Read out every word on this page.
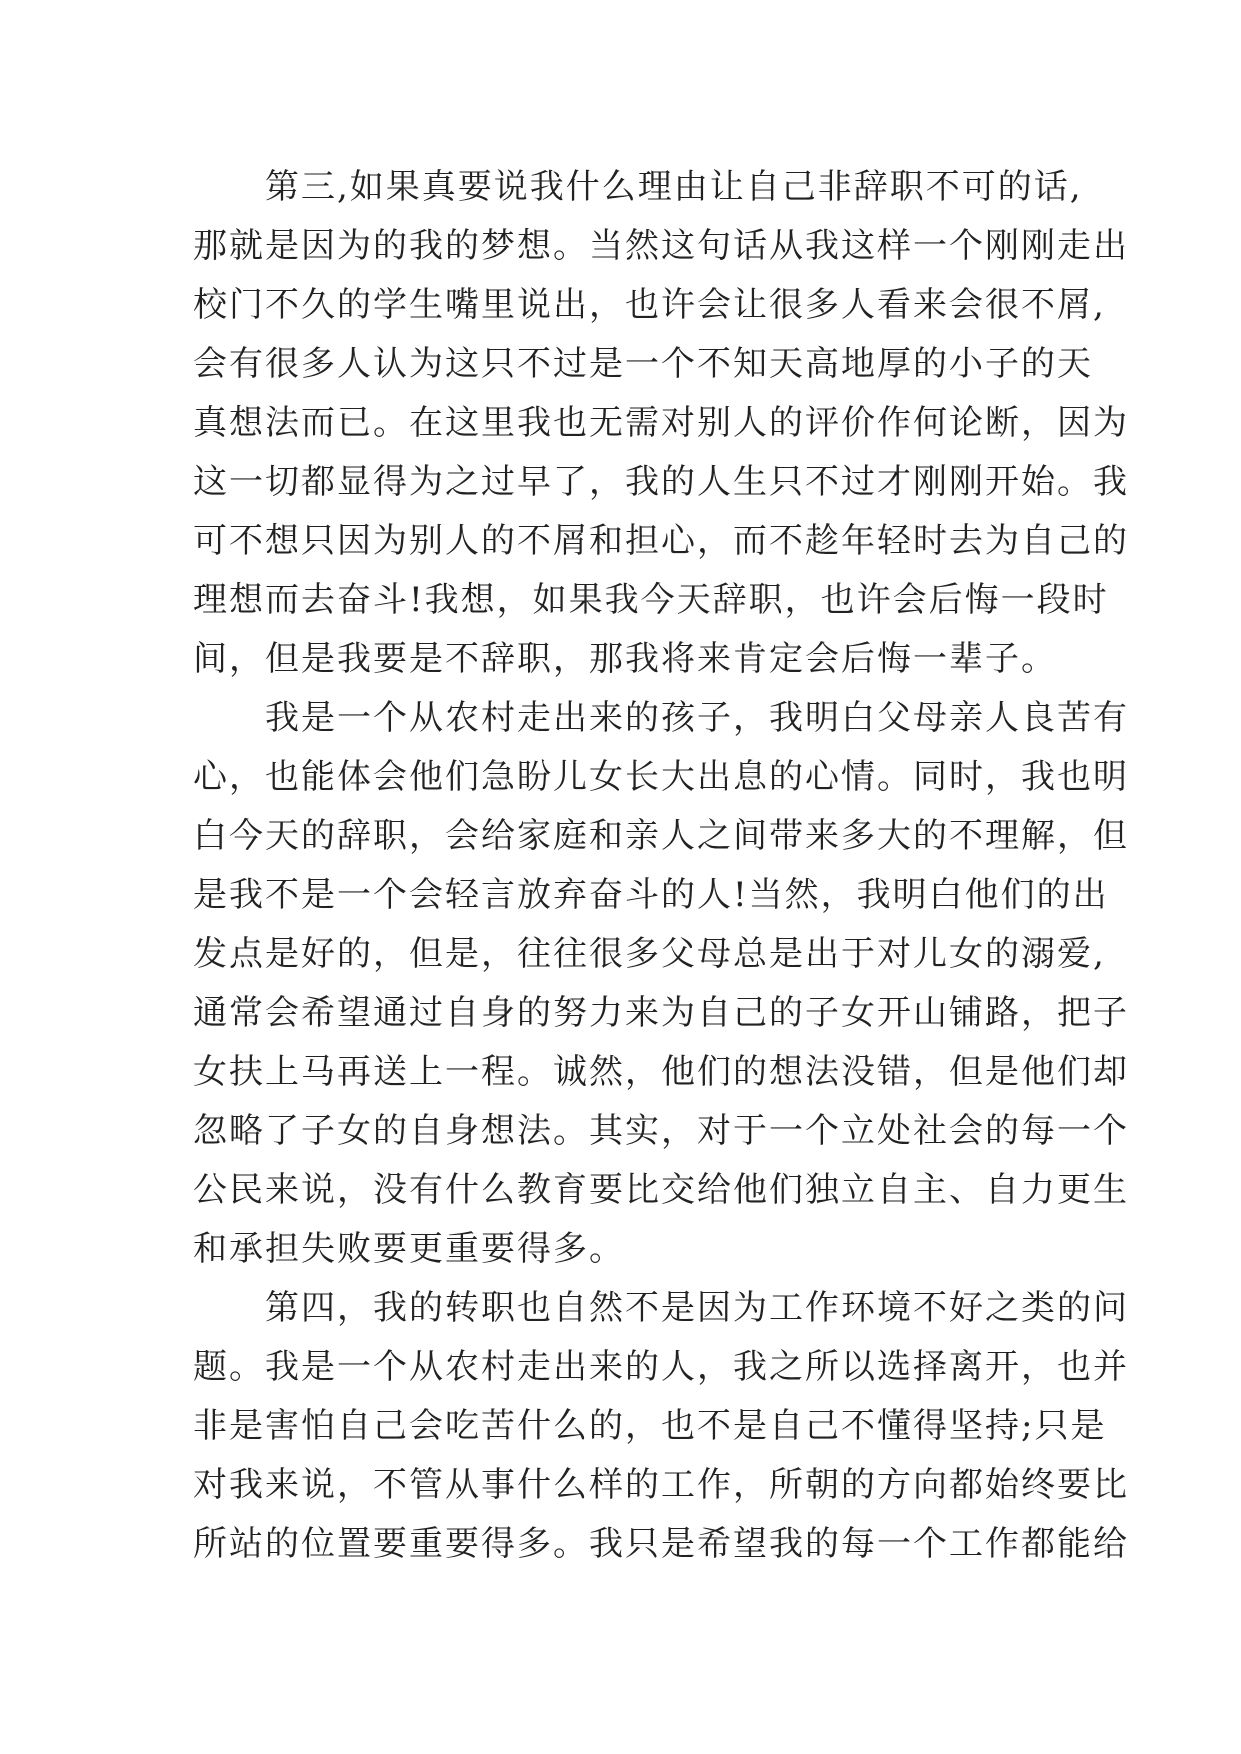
　　第三,如果真要说我什么理由让自己非辞职不可的话,
那就是因为的我的梦想。当然这句话从我这样一个刚刚走出
校门不久的学生嘴里说出，也许会让很多人看来会很不屑,
会有很多人认为这只不过是一个不知天高地厚的小子的天
真想法而已。在这里我也无需对别人的评价作何论断，因为
这一切都显得为之过早了，我的人生只不过才刚刚开始。我
可不想只因为别人的不屑和担心，而不趁年轻时去为自己的
理想而去奋斗!我想，如果我今天辞职，也许会后悔一段时
间，但是我要是不辞职，那我将来肯定会后悔一辈子。
　　我是一个从农村走出来的孩子，我明白父母亲人良苦有
心，也能体会他们急盼儿女长大出息的心情。同时，我也明
白今天的辞职，会给家庭和亲人之间带来多大的不理解，但
是我不是一个会轻言放弃奋斗的人!当然，我明白他们的出
发点是好的，但是，往往很多父母总是出于对儿女的溺爱,
通常会希望通过自身的努力来为自己的子女开山铺路，把子
女扶上马再送上一程。诚然，他们的想法没错，但是他们却
忽略了子女的自身想法。其实，对于一个立处社会的每一个
公民来说，没有什么教育要比交给他们独立自主、自力更生
和承担失败要更重要得多。
　　第四，我的转职也自然不是因为工作环境不好之类的问
题。我是一个从农村走出来的人，我之所以选择离开，也并
非是害怕自己会吃苦什么的，也不是自己不懂得坚持;只是
对我来说，不管从事什么样的工作，所朝的方向都始终要比
所站的位置要重要得多。我只是希望我的每一个工作都能给
